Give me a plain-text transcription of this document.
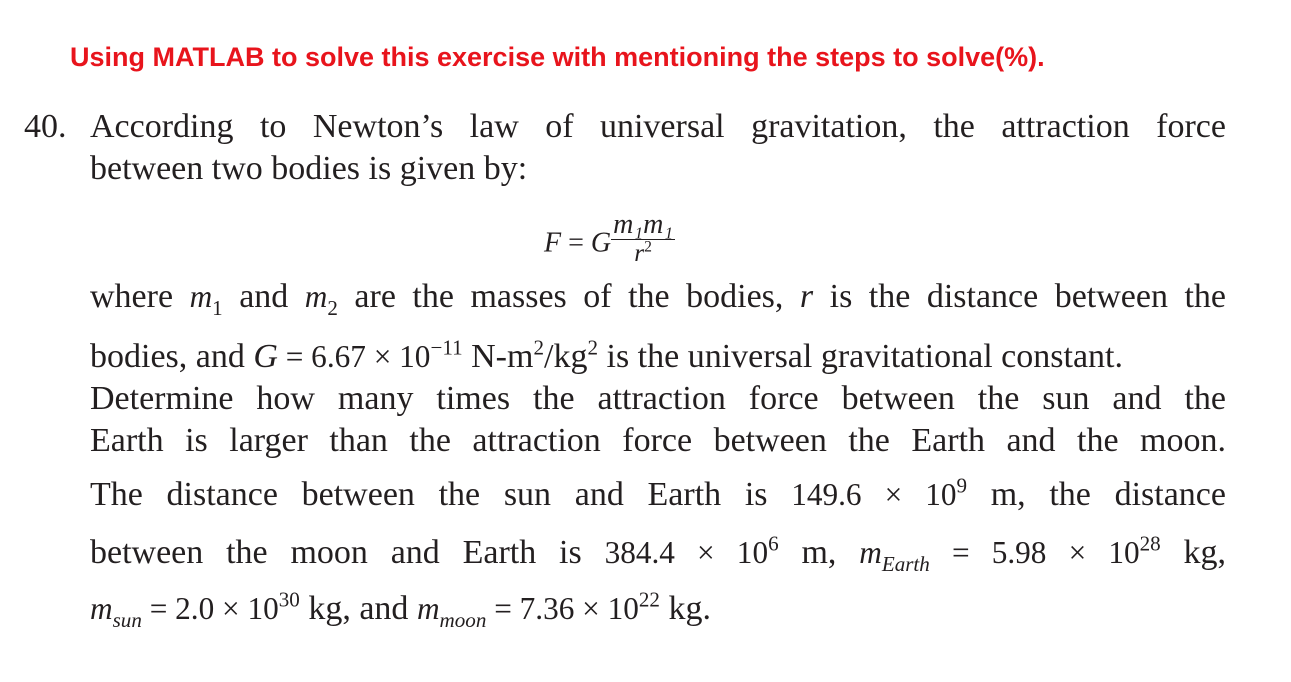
Using MATLAB to solve this exercise with mentioning the steps to solve(%).
40. According to Newton’s law of universal gravitation, the attraction force
between two bodies is given by:
F = G $\frac{\text{m₁m₁}}{r^2}$
where $m_1$ and $m_2$ are the masses of the bodies, r is the distance between the
bodies, and $G = 6.67 \times 10^{-11}$ $N-m^2/kg^2$ is the universal gravitational constant.
Determine how many times the attraction force between the sun and the
Earth is larger than the attraction force between the Earth and the moon.
The distance between the sun and Earth is $149.6 \times 10^9$ m, the distance
between the moon and Earth is $384.4 \times 10^6$ m, $m_{Earth} = 5.98 \times 10^{28}$ kg,
$m_{sun} = 2.0 \times 10^{30}$ kg, and $m_{moon} = 7.36 \times 10^{22}$ kg.
